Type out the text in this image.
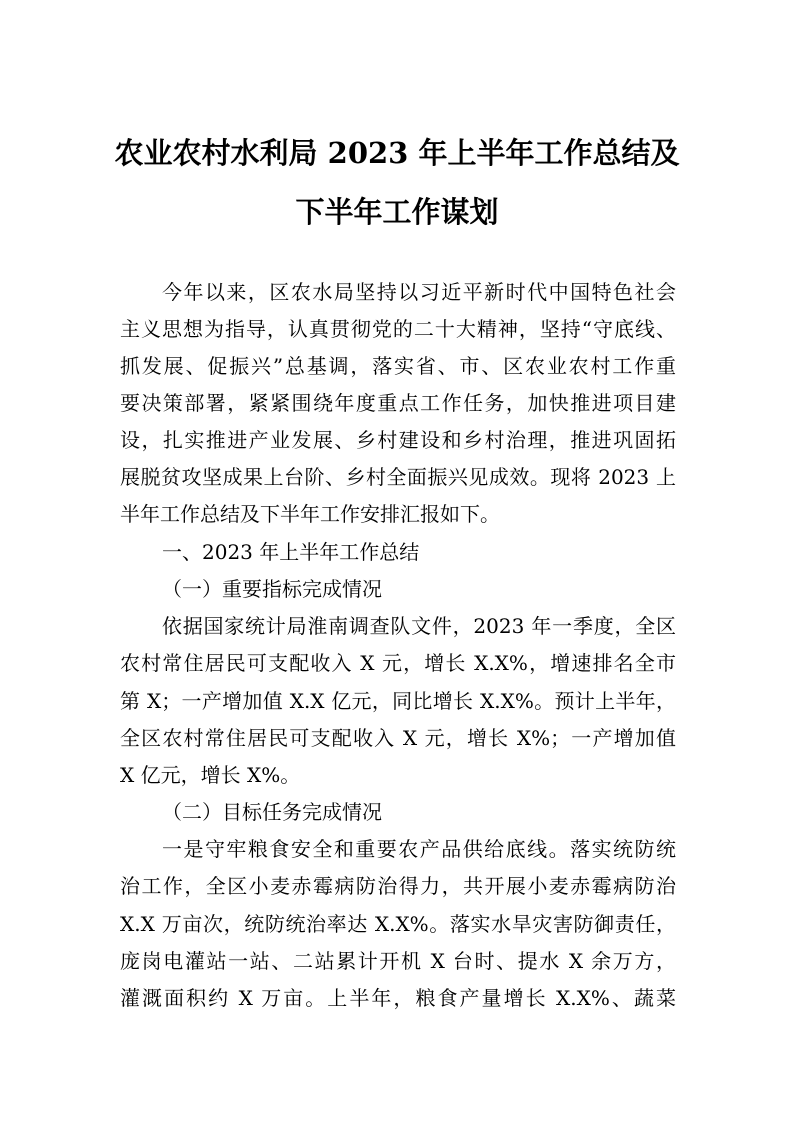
农业农村水利局 2023 年上半年工作总结及
下半年工作谋划
今年以来，区农水局坚持以习近平新时代中国特色社会
主义思想为指导，认真贯彻党的二十大精神，坚持“守底线、
抓发展、促振兴”总基调，落实省、市、区农业农村工作重
要决策部署，紧紧围绕年度重点工作任务，加快推进项目建
设，扎实推进产业发展、乡村建设和乡村治理，推进巩固拓
展脱贫攻坚成果上台阶、乡村全面振兴见成效。现将 2023 上
半年工作总结及下半年工作安排汇报如下。
一、2023 年上半年工作总结
（一）重要指标完成情况
依据国家统计局淮南调查队文件，2023 年一季度，全区
农村常住居民可支配收入 X 元，增长 X.X%，增速排名全市
第 X；一产增加值 X.X 亿元，同比增长 X.X%。预计上半年，
全区农村常住居民可支配收入 X 元，增长 X%；一产增加值
X 亿元，增长 X%。
（二）目标任务完成情况
一是守牢粮食安全和重要农产品供给底线。落实统防统
治工作，全区小麦赤霉病防治得力，共开展小麦赤霉病防治
X.X 万亩次，统防统治率达 X.X%。落实水旱灾害防御责任，
庞岗电灌站一站、二站累计开机 X 台时、提水 X 余万方，
灌溉面积约 X 万亩。上半年，粮食产量增长 X.X%、蔬菜
